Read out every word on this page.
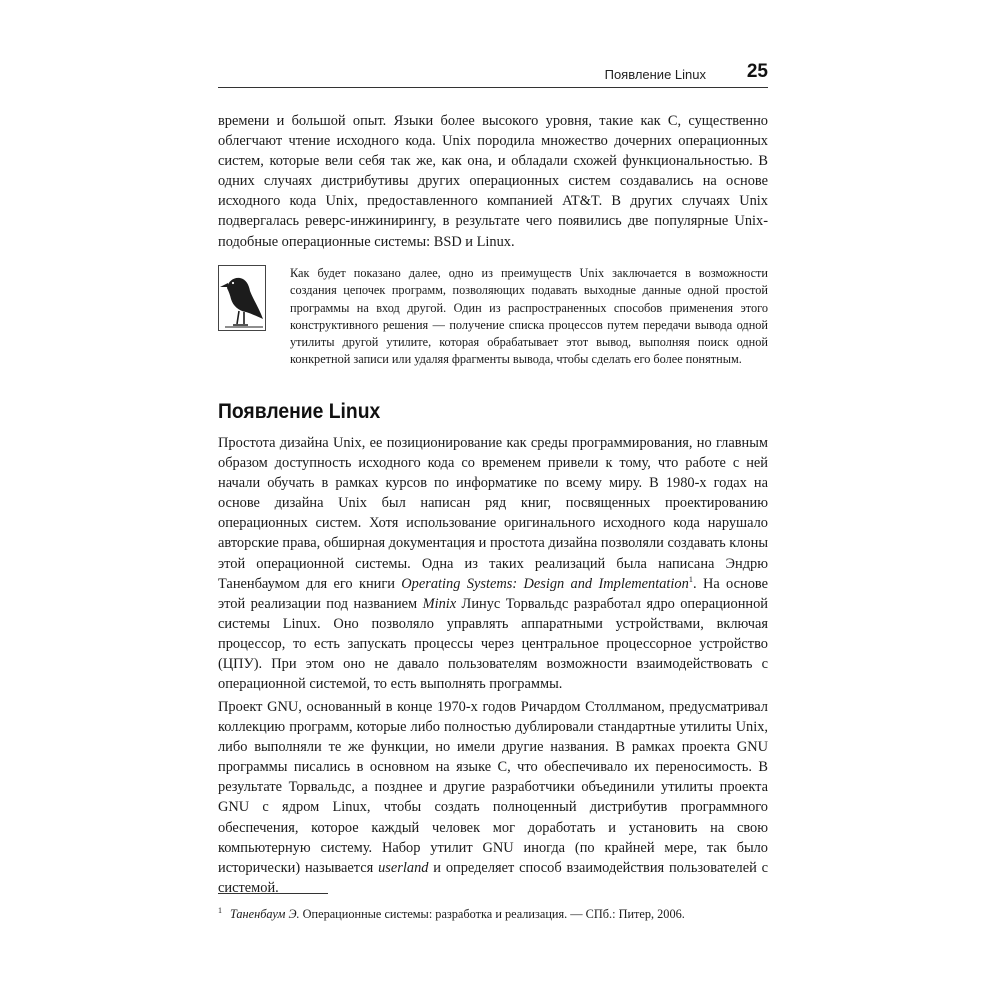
Появление Linux 25

времени и большой опыт. Языки более высокого уровня, такие как C, существенно облегчают чтение исходного кода. Unix породила множество дочерних операционных систем, которые вели себя так же, как она, и обладали схожей функциональностью. В одних случаях дистрибутивы других операционных систем создавались на основе исходного кода Unix, предоставленного компанией AT&T. В других случаях Unix подвергалась реверс-инжинирингу, в результате чего появились две популярные Unix-подобные операционные системы: BSD и Linux.

Как будет показано далее, одно из преимуществ Unix заключается в возможности создания цепочек программ, позволяющих подавать выходные данные одной простой программы на вход другой. Один из распространенных способов применения этого конструктивного решения — получение списка процессов путем передачи вывода одной утилиты другой утилите, которая обрабатывает этот вывод, выполняя поиск одной конкретной записи или удаляя фрагменты вывода, чтобы сделать его более понятным.

Появление Linux

Простота дизайна Unix, ее позиционирование как среды программирования, но главным образом доступность исходного кода со временем привели к тому, что работе с ней начали обучать в рамках курсов по информатике по всему миру. В 1980-х годах на основе дизайна Unix был написан ряд книг, посвященных проектированию операционных систем. Хотя использование оригинального исходного кода нарушало авторские права, обширная документация и простота дизайна позволяли создавать клоны этой операционной системы. Одна из таких реализаций была написана Эндрю Таненбаумом для его книги Operating Systems: Design and Implementation$^1$. На основе этой реализации под названием Minix Линус Торвальдс разработал ядро операционной системы Linux. Оно позволяло управлять аппаратными устройствами, включая процессор, то есть запускать процессы через центральное процессорное устройство (ЦПУ). При этом оно не давало пользователям возможности взаимодействовать с операционной системой, то есть выполнять программы.

Проект GNU, основанный в конце 1970-х годов Ричардом Столлманом, предусматривал коллекцию программ, которые либо полностью дублировали стандартные утилиты Unix, либо выполняли те же функции, но имели другие названия. В рамках проекта GNU программы писались в основном на языке C, что обеспечивало их переносимость. В результате Торвальдс, а позднее и другие разработчики объединили утилиты проекта GNU с ядром Linux, чтобы создать полноценный дистрибутив программного обеспечения, которое каждый человек мог доработать и установить на свою компьютерную систему. Набор утилит GNU иногда (по крайней мере, так было исторически) называется userland и определяет способ взаимодействия пользователей с системой.

$^1$ Таненбаум Э. Операционные системы: разработка и реализация. — СПб.: Питер, 2006.
